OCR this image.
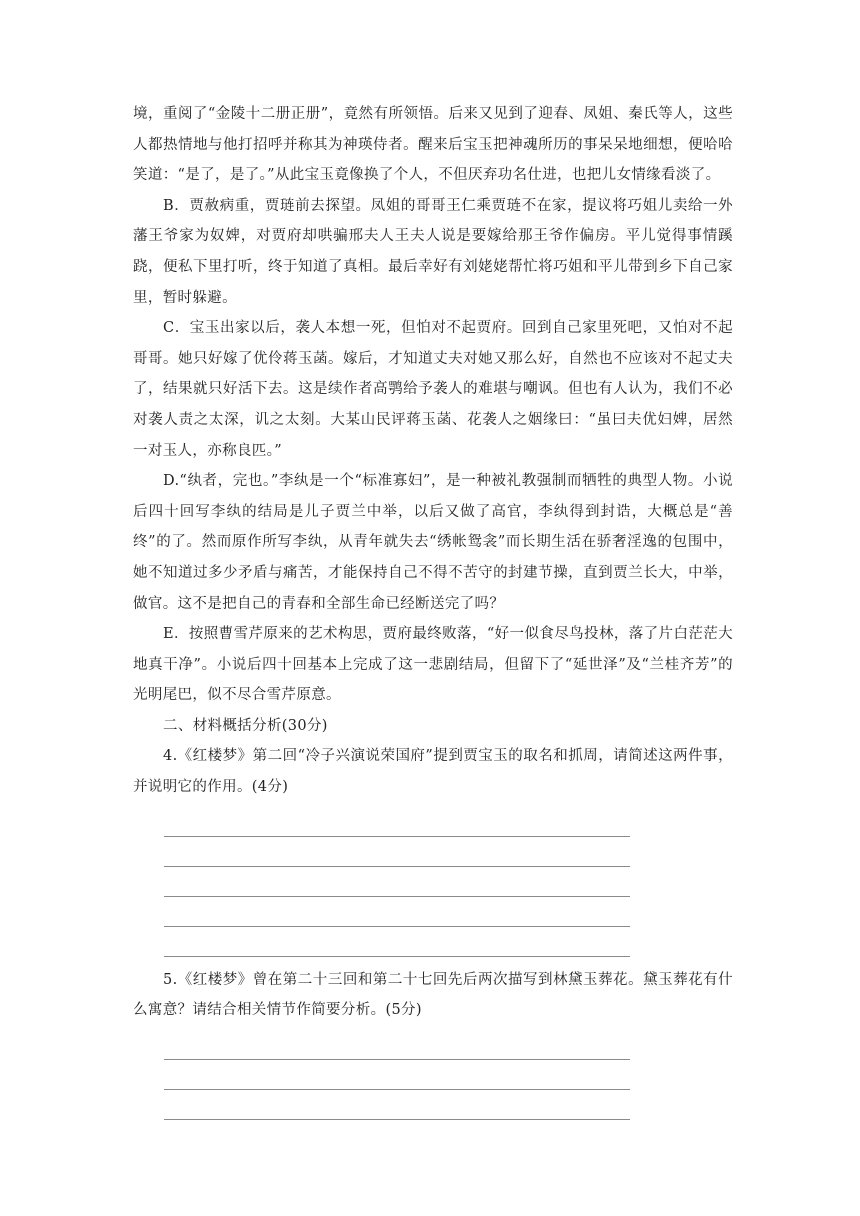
境，重阅了“金陵十二册正册”，竟然有所领悟。后来又见到了迎春、凤姐、秦氏等人，这些人都热情地与他打招呼并称其为神瑛侍者。醒来后宝玉把神魂所历的事呆呆地细想，便哈哈笑道：“是了，是了。”从此宝玉竟像换了个人，不但厌弃功名仕进，也把儿女情缘看淡了。

B．贾赦病重，贾琏前去探望。凤姐的哥哥王仁乘贾琏不在家，提议将巧姐儿卖给一外藩王爷家为奴婢，对贾府却哄骗邢夫人王夫人说是要嫁给那王爷作偏房。平儿觉得事情蹊跷，便私下里打听，终于知道了真相。最后幸好有刘姥姥帮忙将巧姐和平儿带到乡下自己家里，暂时躲避。

C．宝玉出家以后，袭人本想一死，但怕对不起贾府。回到自己家里死吧，又怕对不起哥哥。她只好嫁了优伶蒋玉菡。嫁后，才知道丈夫对她又那么好，自然也不应该对不起丈夫了，结果就只好活下去。这是续作者高鹗给予袭人的难堪与嘲讽。但也有人认为，我们不必对袭人责之太深，讥之太刻。大某山民评蒋玉菡、花袭人之姻缘曰：“虽曰夫优妇婢，居然一对玉人，亦称良匹。”

D.“纨者，完也。”李纨是一个“标准寡妇”，是一种被礼教强制而牺牲的典型人物。小说后四十回写李纨的结局是儿子贾兰中举，以后又做了高官，李纨得到封诰，大概总是“善终”的了。然而原作所写李纨，从青年就失去“绣帐鸳衾”而长期生活在骄奢淫逸的包围中，她不知道过多少矛盾与痛苦，才能保持自己不得不苦守的封建节操，直到贾兰长大，中举，做官。这不是把自己的青春和全部生命已经断送完了吗？

E．按照曹雪芹原来的艺术构思，贾府最终败落，“好一似食尽鸟投林，落了片白茫茫大地真干净”。小说后四十回基本上完成了这一悲剧结局，但留下了“延世泽”及“兰桂齐芳”的光明尾巴，似不尽合雪芹原意。

二、材料概括分析(30分)

4.《红楼梦》第二回“冷子兴演说荣国府”提到贾宝玉的取名和抓周，请简述这两件事，并说明它的作用。(4分)

5.《红楼梦》曾在第二十三回和第二十七回先后两次描写到林黛玉葬花。黛玉葬花有什么寓意？请结合相关情节作简要分析。(5分)
